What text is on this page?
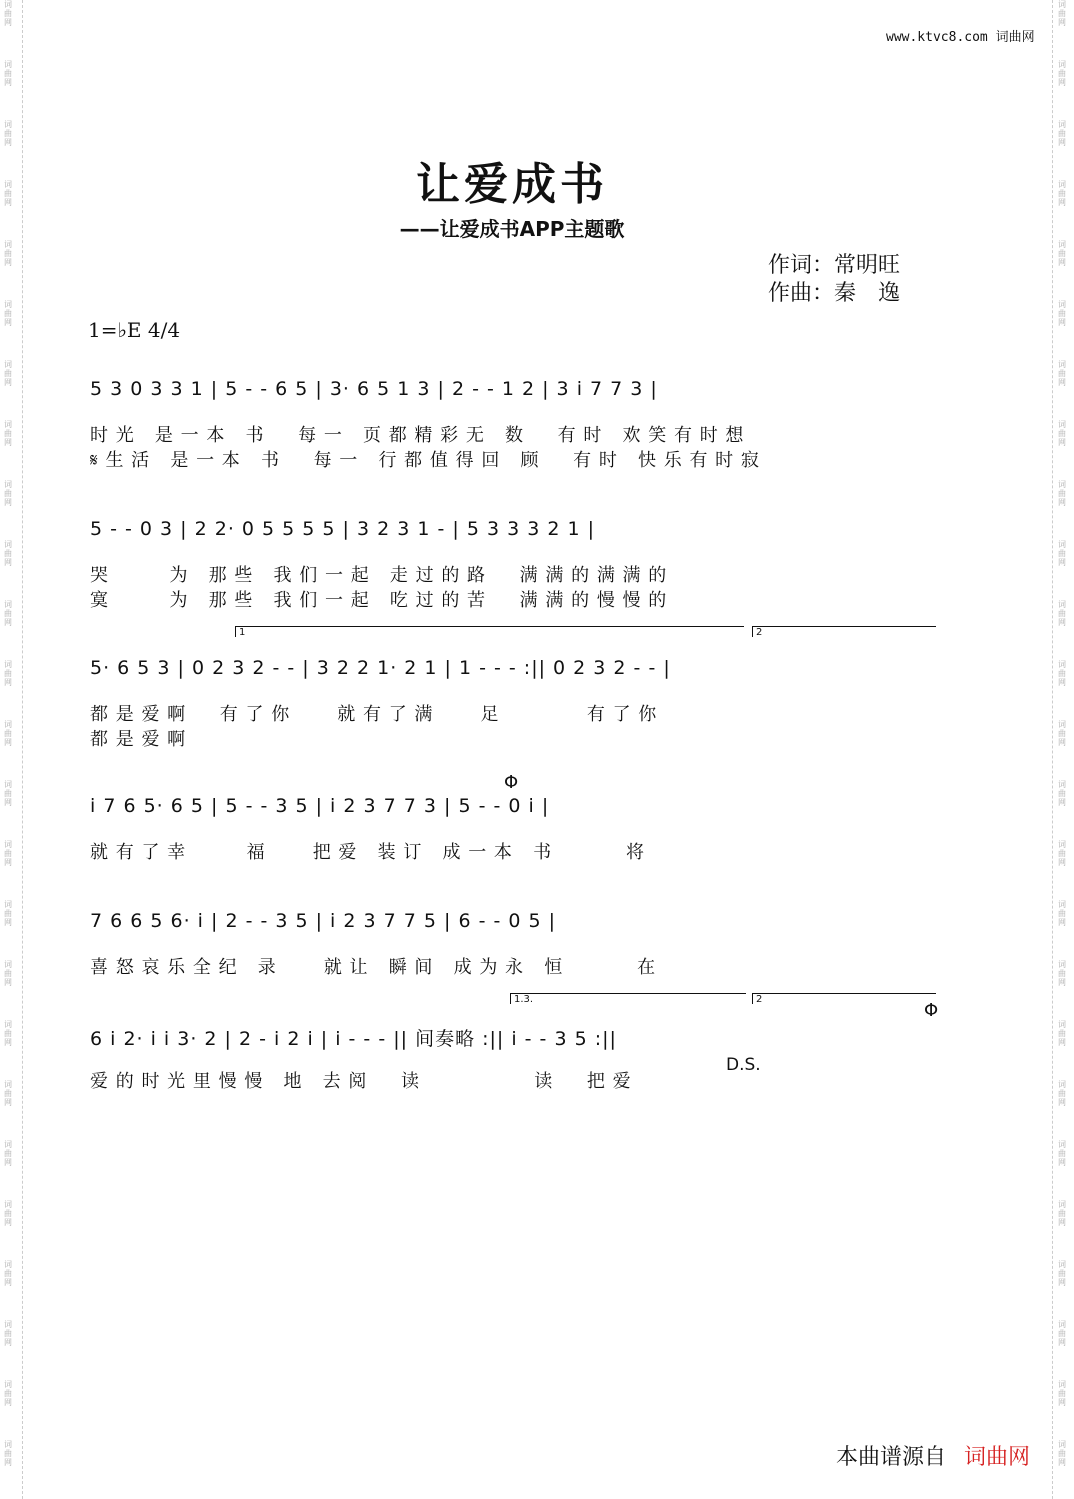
词曲网
词曲网
词曲网
词曲网
词曲网
词曲网
词曲网
词曲网
词曲网
词曲网
词曲网
词曲网
词曲网
词曲网
词曲网
词曲网
词曲网
词曲网
词曲网
词曲网
词曲网
词曲网
词曲网
词曲网
词曲网
词曲网
词曲网
词曲网
词曲网
词曲网
词曲网
词曲网
词曲网
词曲网
词曲网
词曲网
词曲网
词曲网
词曲网
词曲网
词曲网
词曲网
词曲网
词曲网
词曲网
词曲网
词曲网
词曲网
词曲网
词曲网
www.ktvc8.com 词曲网
让爱成书
——让爱成书APP主题歌
作词：常明旺
作曲：秦　逸
1=♭E 4/4
5 3 0 3 3 1 | 5 - - 6 5 | 3· 6 5 1 3 | 2 - - 1 2 | 3 i 7 7 3 |
时 光   是 一 本   书     每 一   页 都 精 彩 无   数     有 时   欢 笑 有 时 想
𝄋 生 活   是 一 本   书     每 一   行 都 值 得 回   顾     有 时   快 乐 有 时 寂
5 - - 0 3 | 2 2· 0 5 5 5 5 | 3 2 3 1 - | 5 3 3 3 2 1 |
哭         为   那 些   我 们 一 起   走 过 的 路     满 满 的 满 满 的
寞         为   那 些   我 们 一 起   吃 过 的 苦     满 满 的 慢 慢 的
1	2
5· 6 5 3 | 0 2 3 2 - - | 3 2 2 1· 2 1 | 1 - - - :|| 0 2 3 2 - - |
都 是 爱 啊     有 了 你       就 有 了 满       足             有 了 你
都 是 爱 啊
Φ
i 7 6 5· 6 5 | 5 - - 3 5 | i 2 3 7 7 3 | 5 - - 0 i |
就 有 了 幸         福       把 爱   装 订   成 一 本   书           将
7 6 6 5 6· i | 2 - - 3 5 | i 2 3 7 7 5 | 6 - - 0 5 |
喜 怒 哀 乐 全 纪   录       就 让   瞬 间   成 为 永   恒           在
1.3.	2
Φ
6 i 2· i i 3· 2 | 2 - i 2 i | i - - - || 间奏略 :|| i - - 3 5 :||
爱 的 时 光 里 慢 慢   地   去 阅     读                 读     把 爱
D.S.
本曲谱源自 词曲网
